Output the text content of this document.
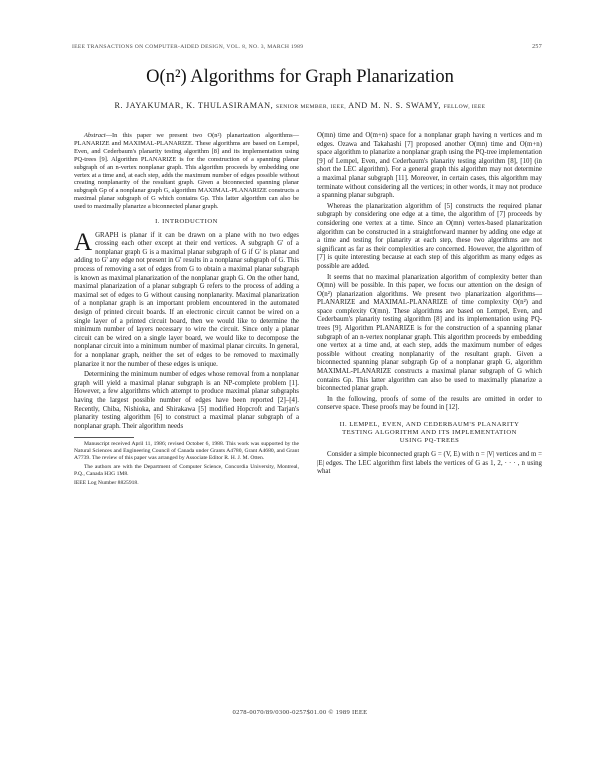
IEEE TRANSACTIONS ON COMPUTER-AIDED DESIGN, VOL. 8, NO. 3, MARCH 1989	257
O(n²) Algorithms for Graph Planarization
R. JAYAKUMAR, K. THULASIRAMAN, SENIOR MEMBER, IEEE, AND M. N. S. SWAMY, FELLOW, IEEE

Abstract—In this paper we present two O(n²) planarization algorithms—PLANARIZE and MAXIMAL-PLANARIZE. These algorithms are based on Lempel, Even, and Cederbaum's planarity testing algorithm [8] and its implementation using PQ-trees [9]. Algorithm PLANARIZE is for the construction of a spanning planar subgraph of an n-vertex nonplanar graph. This algorithm proceeds by embedding one vertex at a time and, at each step, adds the maximum number of edges possible without creating nonplanarity of the resultant graph. Given a biconnected spanning planar subgraph Gp of a nonplanar graph G, algorithm MAXIMAL-PLANARIZE constructs a maximal planar subgraph of G which contains Gp. This latter algorithm can also be used to maximally planarize a biconnected planar graph.

I. INTRODUCTION

AGRAPH is planar if it can be drawn on a plane with no two edges crossing each other except at their end vertices. A subgraph G' of a nonplanar graph G is a maximal planar subgraph of G if G' is planar and adding to G' any edge not present in G' results in a nonplanar subgraph of G. This process of removing a set of edges from G to obtain a maximal planar subgraph is known as maximal planarization of the nonplanar graph G. On the other hand, maximal planarization of a planar subgraph G refers to the process of adding a maximal set of edges to G without causing nonplanarity. Maximal planarization of a nonplanar graph is an important problem encountered in the automated design of printed circuit boards. If an electronic circuit cannot be wired on a single layer of a printed circuit board, then we would like to determine the minimum number of layers necessary to wire the circuit. Since only a planar circuit can be wired on a single layer board, we would like to decompose the nonplanar circuit into a minimum number of maximal planar circuits. In general, for a nonplanar graph, neither the set of edges to be removed to maximally planarize it nor the number of these edges is unique.

Determining the minimum number of edges whose removal from a nonplanar graph will yield a maximal planar subgraph is an NP-complete problem [1]. However, a few algorithms which attempt to produce maximal planar subgraphs having the largest possible number of edges have been reported [2]–[4]. Recently, Chiba, Nishioka, and Shirakawa [5] modified Hopcroft and Tarjan's planarity testing algorithm [6] to construct a maximal planar subgraph of a nonplanar graph. Their algorithm needs

Manuscript received April 11, 1986; revised October 6, 1988. This work was supported by the Natural Sciences and Engineering Council of Canada under Grants A4780, Grant A4680, and Grant A7739. The review of this paper was arranged by Associate Editor R. H. J. M. Otten.

The authors are with the Department of Computer Science, Concordia University, Montreal, P.Q., Canada H3G 1M8.

IEEE Log Number 8825918.

O(mn) time and O(m+n) space for a nonplanar graph having n vertices and m edges. Ozawa and Takahashi [7] proposed another O(mn) time and O(m+n) space algorithm to planarize a nonplanar graph using the PQ-tree implementation [9] of Lempel, Even, and Cederbaum's planarity testing algorithm [8], [10] (in short the LEC algorithm). For a general graph this algorithm may not determine a maximal planar subgraph [11]. Moreover, in certain cases, this algorithm may terminate without considering all the vertices; in other words, it may not produce a spanning planar subgraph.

Whereas the planarization algorithm of [5] constructs the required planar subgraph by considering one edge at a time, the algorithm of [7] proceeds by considering one vertex at a time. Since an O(mn) vertex-based planarization algorithm can be constructed in a straightforward manner by adding one edge at a time and testing for planarity at each step, these two algorithms are not significant as far as their complexities are concerned. However, the algorithm of [7] is quite interesting because at each step of this algorithm as many edges as possible are added.

It seems that no maximal planarization algorithm of complexity better than O(mn) will be possible. In this paper, we focus our attention on the design of O(n²) planarization algorithms. We present two planarization algorithms—PLANARIZE and MAXIMAL-PLANARIZE of time complexity O(n²) and space complexity O(mn). These algorithms are based on Lempel, Even, and Cederbaum's planarity testing algorithm [8] and its implementation using PQ-trees [9]. Algorithm PLANARIZE is for the construction of a spanning planar subgraph of an n-vertex nonplanar graph. This algorithm proceeds by embedding one vertex at a time and, at each step, adds the maximum number of edges possible without creating nonplanarity of the resultant graph. Given a biconnected spanning planar subgraph Gp of a nonplanar graph G, algorithm MAXIMAL-PLANARIZE constructs a maximal planar subgraph of G which contains Gp. This latter algorithm can also be used to maximally planarize a biconnected planar graph.

In the following, proofs of some of the results are omitted in order to conserve space. These proofs may be found in [12].

II. LEMPEL, EVEN, AND CEDERBAUM'S PLANARITY
TESTING ALGORITHM AND ITS IMPLEMENTATION
USING PQ-TREES

Consider a simple biconnected graph G = (V, E) with n = |V| vertices and m = |E| edges. The LEC algorithm first labels the vertices of G as 1, 2, · · · , n using what

0278-0070/89/0300-0257$01.00 © 1989 IEEE
